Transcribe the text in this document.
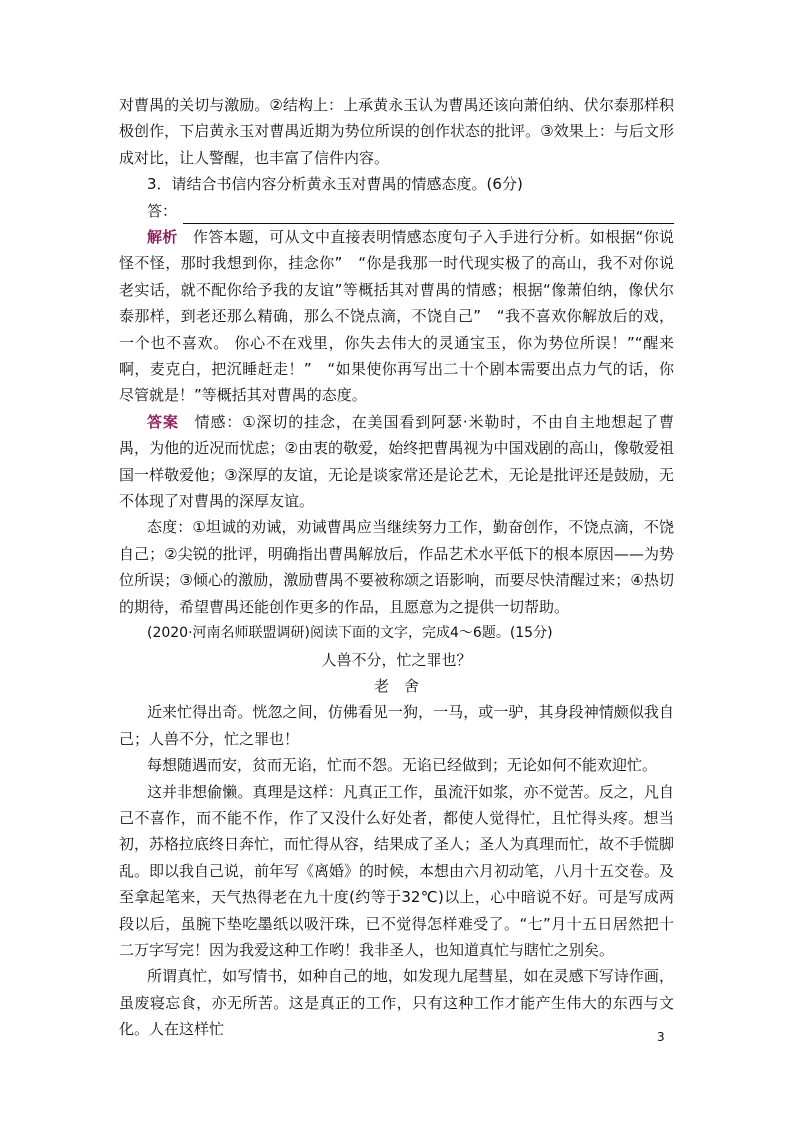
对曹禺的关切与激励。②结构上：上承黄永玉认为曹禺还该向萧伯纳、伏尔泰那样积极创作，下启黄永玉对曹禺近期为势位所误的创作状态的批评。③效果上：与后文形成对比，让人警醒，也丰富了信件内容。

3．请结合书信内容分析黄永玉对曹禺的情感态度。(6分)

答：

解析　 作答本题，可从文中直接表明情感态度句子入手进行分析。如根据“你说怪不怪，那时我想到你，挂念你”　“你是我那一时代现实极了的高山，我不对你说老实话，就不配你给予我的友谊”等概括其对曹禺的情感；根据“像萧伯纳，像伏尔泰那样，到老还那么精确，那么不饶点滴，不饶自己”　“我不喜欢你解放后的戏，一个也不喜欢。 你心不在戏里，你失去伟大的灵通宝玉，你为势位所误！”“醒来啊，麦克白，把沉睡赶走！”　“如果使你再写出二十个剧本需要出点力气的话，你尽管就是！”等概括其对曹禺的态度。

答案　 情感：①深切的挂念，在美国看到阿瑟·米勒时，不由自主地想起了曹禺，为他的近况而忧虑；②由衷的敬爱，始终把曹禺视为中国戏剧的高山，像敬爱祖国一样敬爱他；③深厚的友谊，无论是谈家常还是论艺术，无论是批评还是鼓励，无不体现了对曹禺的深厚友谊。

态度：①坦诚的劝诫，劝诫曹禺应当继续努力工作，勤奋创作，不饶点滴，不饶自己；②尖锐的批评，明确指出曹禺解放后，作品艺术水平低下的根本原因——为势位所误；③倾心的激励，激励曹禺不要被称颂之语影响，而要尽快清醒过来；④热切的期待，希望曹禺还能创作更多的作品，且愿意为之提供一切帮助。

(2020·河南名师联盟调研)阅读下面的文字，完成4～6题。(15分)

人兽不分，忙之罪也？

老　舍

近来忙得出奇。恍忽之间，仿佛看见一狗，一马，或一驴，其身段神情颇似我自己；人兽不分，忙之罪也！

每想随遇而安，贫而无谄，忙而不怨。无谄已经做到；无论如何不能欢迎忙。

这并非想偷懒。真理是这样：凡真正工作，虽流汗如浆，亦不觉苦。反之，凡自己不喜作，而不能不作，作了又没什么好处者，都使人觉得忙，且忙得头疼。想当初，苏格拉底终日奔忙，而忙得从容，结果成了圣人；圣人为真理而忙，故不手慌脚乱。即以我自己说，前年写《离婚》的时候，本想由六月初动笔，八月十五交卷。及至拿起笔来，天气热得老在九十度(约等于32℃)以上，心中暗说不好。可是写成两段以后，虽腕下垫吃墨纸以吸汗珠，已不觉得怎样难受了。“七”月十五日居然把十二万字写完！因为我爱这种工作哟！我非圣人，也知道真忙与瞎忙之别矣。

所谓真忙，如写情书，如种自己的地，如发现九尾彗星，如在灵感下写诗作画，虽废寝忘食，亦无所苦。这是真正的工作，只有这种工作才能产生伟大的东西与文化。人在这样忙	3
